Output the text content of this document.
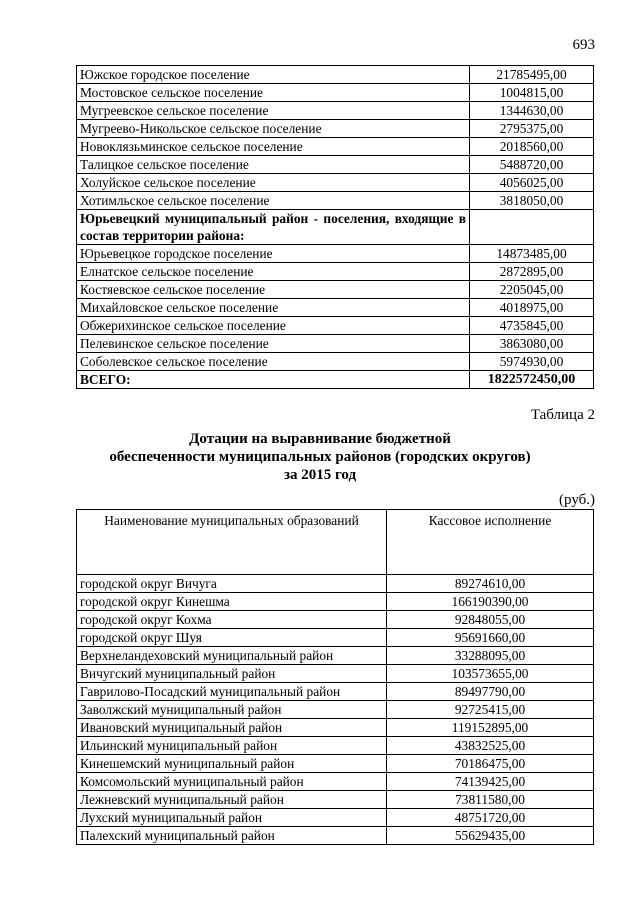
693
Южское городское поселение	21785495,00
Мостовское сельское поселение	1004815,00
Мугреевское сельское поселение	1344630,00
Мугреево-Никольское сельское поселение	2795375,00
Новоклязьминское сельское поселение	2018560,00
Талицкое сельское поселение	5488720,00
Холуйское сельское поселение	4056025,00
Хотимльское сельское поселение	3818050,00
Юрьевецкий муниципальный район - поселения, входящие в состав территории района:	
Юрьевецкое городское поселение	14873485,00
Елнатское сельское поселение	2872895,00
Костяевское сельское поселение	2205045,00
Михайловское сельское поселение	4018975,00
Обжерихинское сельское поселение	4735845,00
Пелевинское сельское поселение	3863080,00
Соболевское сельское поселение	5974930,00
ВСЕГО:	1822572450,00
Таблица 2
Дотации на выравнивание бюджетной
обеспеченности муниципальных районов (городских округов)
за 2015 год
(руб.)
Наименование муниципальных образований	Кассовое исполнение
городской округ Вичуга	89274610,00
городской округ Кинешма	166190390,00
городской округ Кохма	92848055,00
городской округ Шуя	95691660,00
Верхнеландеховский муниципальный район	33288095,00
Вичугский муниципальный район	103573655,00
Гаврилово-Посадский муниципальный район	89497790,00
Заволжский муниципальный район	92725415,00
Ивановский муниципальный район	119152895,00
Ильинский муниципальный район	43832525,00
Кинешемский муниципальный район	70186475,00
Комсомольский муниципальный район	74139425,00
Лежневский муниципальный район	73811580,00
Лухский муниципальный район	48751720,00
Палехский муниципальный район	55629435,00
